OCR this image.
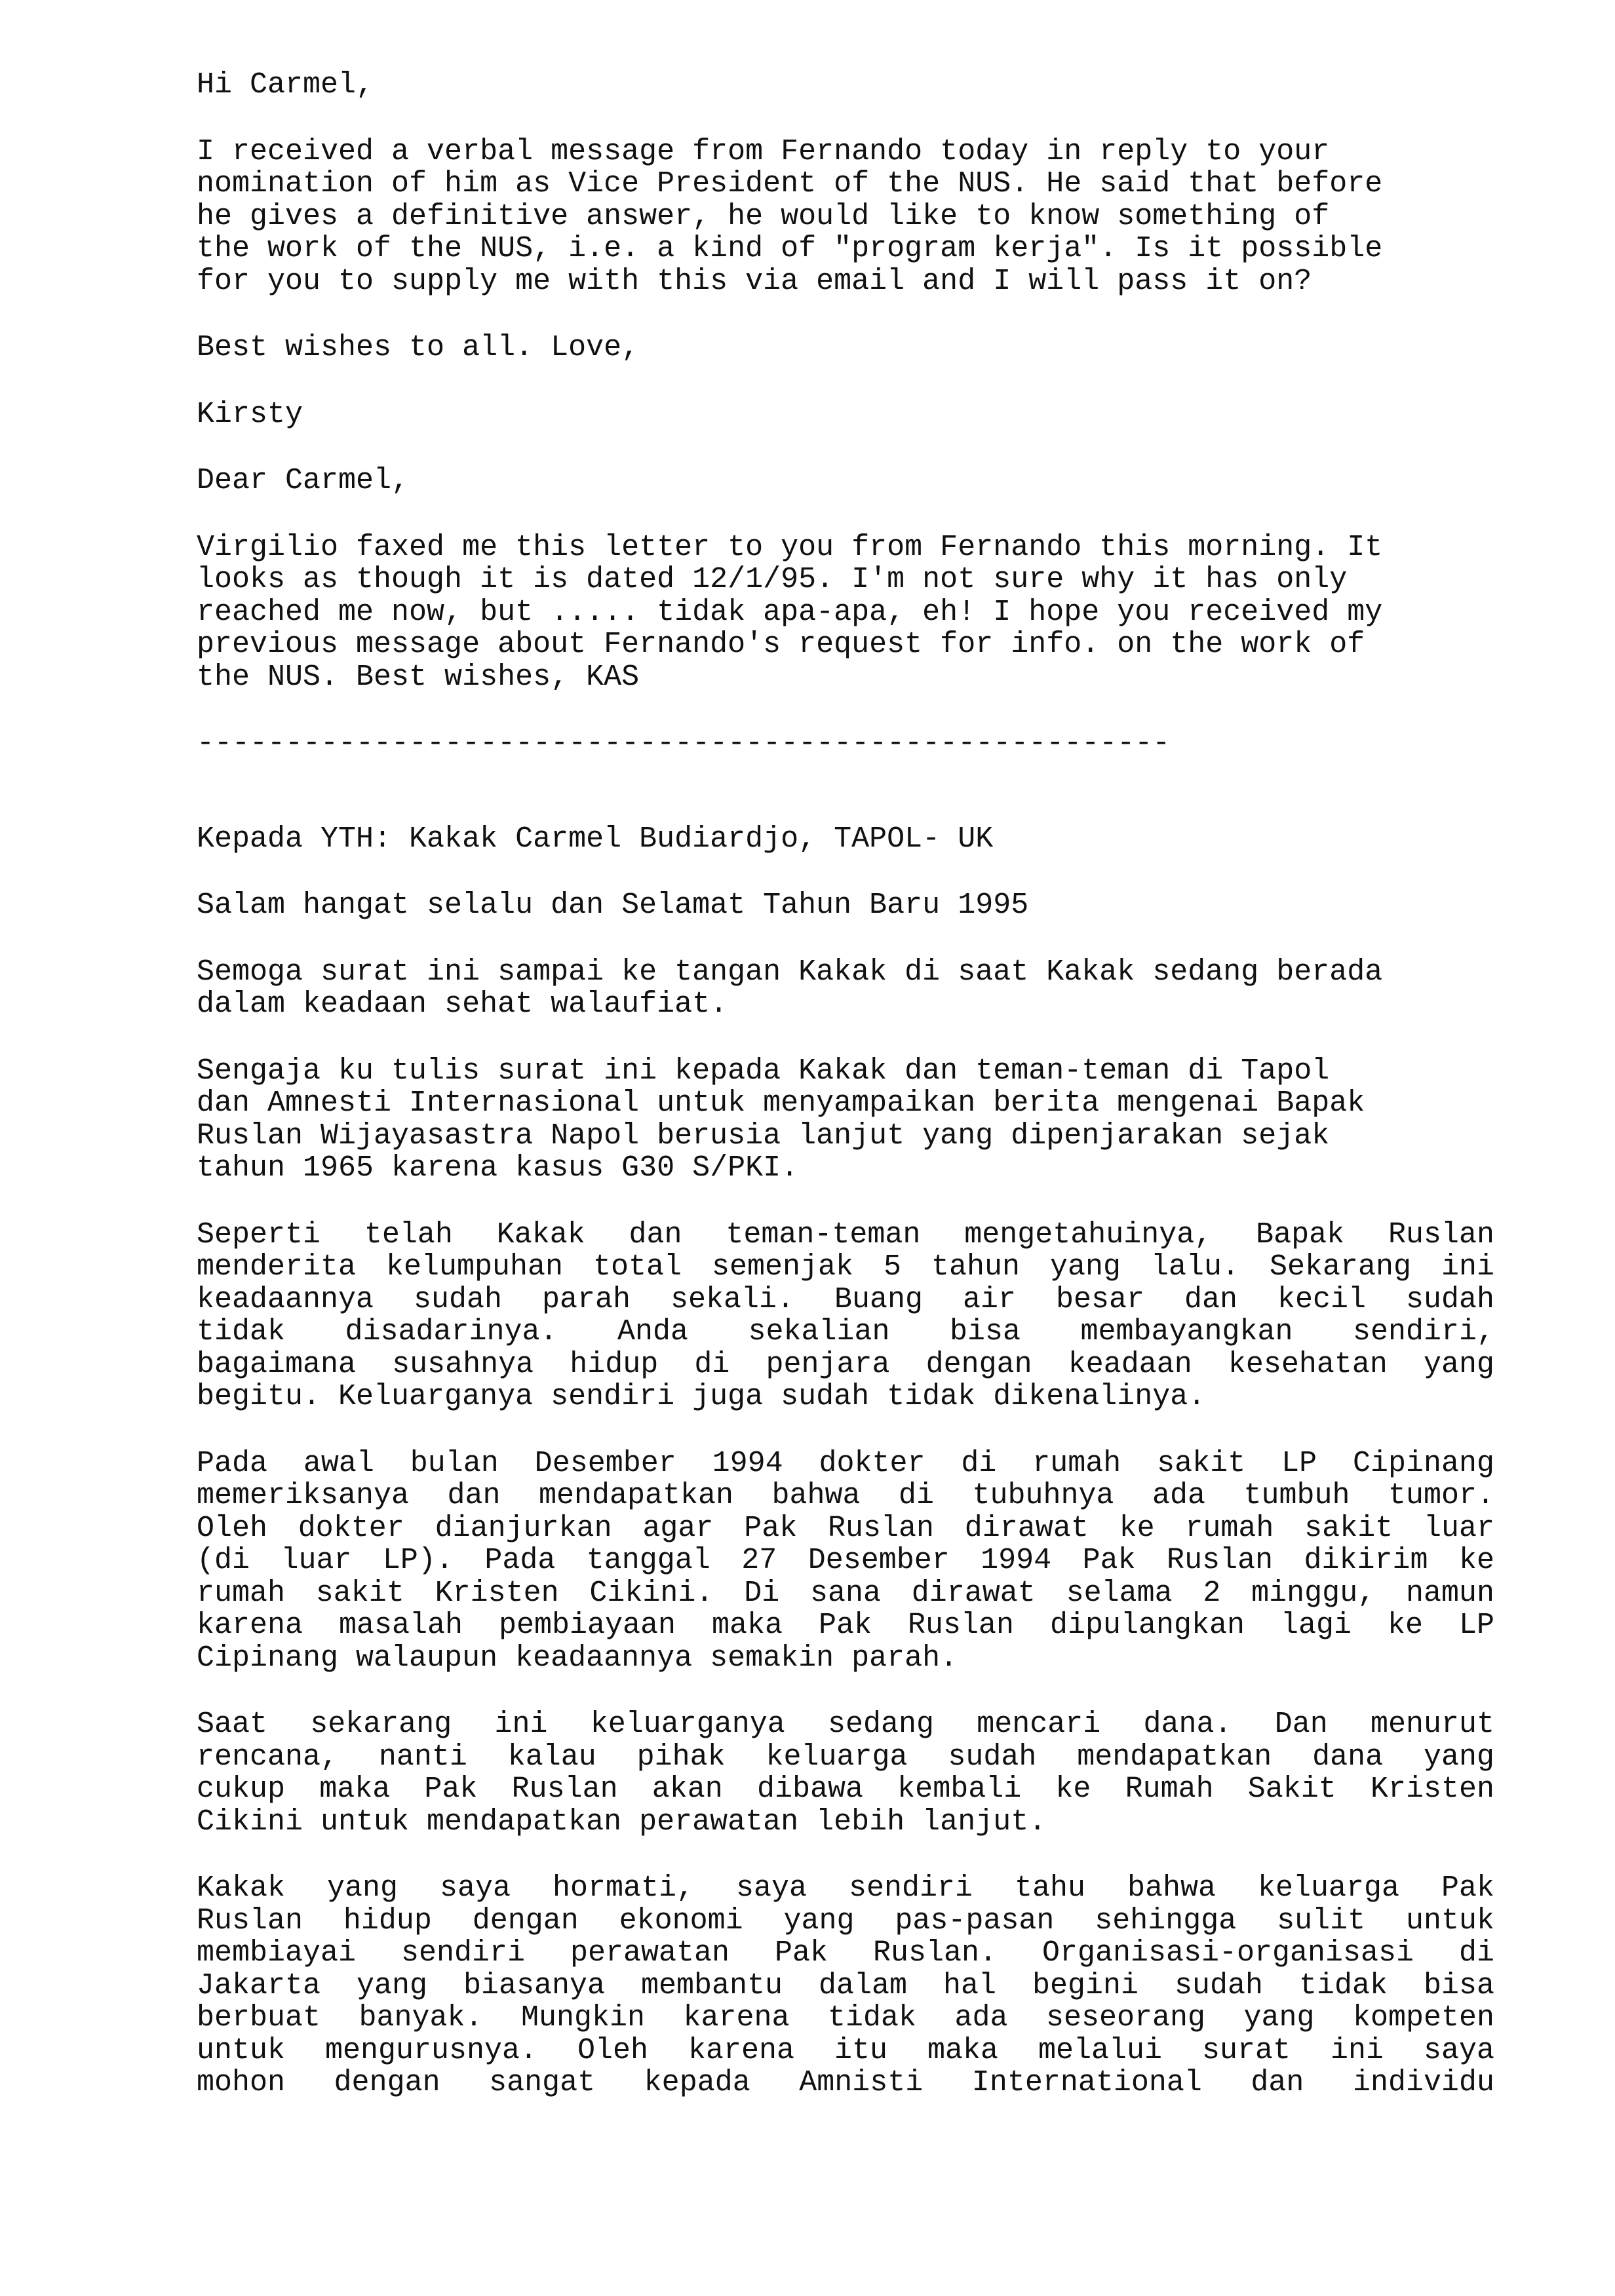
Hi Carmel,
I received a verbal message from Fernando today in reply to your
nomination of him as Vice President of the NUS. He said that before
he gives a definitive answer, he would like to know something of
the work of the NUS, i.e. a kind of "program kerja". Is it possible
for you to supply me with this via email and I will pass it on?
Best wishes to all. Love,
Kirsty
Dear Carmel,
Virgilio faxed me this letter to you from Fernando this morning. It
looks as though it is dated 12/1/95. I'm not sure why it has only
reached me now, but ..... tidak apa-apa, eh! I hope you received my
previous message about Fernando's request for info. on the work of
the NUS. Best wishes, KAS
-------------------------------------------------------
Kepada YTH: Kakak Carmel Budiardjo, TAPOL- UK
Salam hangat selalu dan Selamat Tahun Baru 1995
Semoga surat ini sampai ke tangan Kakak di saat Kakak sedang berada
dalam keadaan sehat walaufiat.
Sengaja ku tulis surat ini kepada Kakak dan teman-teman di Tapol
dan Amnesti Internasional untuk menyampaikan berita mengenai Bapak
Ruslan Wijayasastra Napol berusia lanjut yang dipenjarakan sejak
tahun 1965 karena kasus G30 S/PKI.
Seperti telah Kakak dan teman-teman mengetahuinya, Bapak Ruslan
menderita kelumpuhan total semenjak 5 tahun yang lalu. Sekarang ini
keadaannya sudah parah sekali. Buang air besar dan kecil sudah
tidak disadarinya. Anda sekalian bisa membayangkan sendiri,
bagaimana susahnya hidup di penjara dengan keadaan kesehatan yang
begitu. Keluarganya sendiri juga sudah tidak dikenalinya.
Pada awal bulan Desember 1994 dokter di rumah sakit LP Cipinang
memeriksanya dan mendapatkan bahwa di tubuhnya ada tumbuh tumor.
Oleh dokter dianjurkan agar Pak Ruslan dirawat ke rumah sakit luar
(di luar LP). Pada tanggal 27 Desember 1994 Pak Ruslan dikirim ke
rumah sakit Kristen Cikini. Di sana dirawat selama 2 minggu, namun
karena masalah pembiayaan maka Pak Ruslan dipulangkan lagi ke LP
Cipinang walaupun keadaannya semakin parah.
Saat sekarang ini keluarganya sedang mencari dana. Dan menurut
rencana, nanti kalau pihak keluarga sudah mendapatkan dana yang
cukup maka Pak Ruslan akan dibawa kembali ke Rumah Sakit Kristen
Cikini untuk mendapatkan perawatan lebih lanjut.
Kakak yang saya hormati, saya sendiri tahu bahwa keluarga Pak
Ruslan hidup dengan ekonomi yang pas-pasan sehingga sulit untuk
membiayai sendiri perawatan Pak Ruslan. Organisasi-organisasi di
Jakarta yang biasanya membantu dalam hal begini sudah tidak bisa
berbuat banyak. Mungkin karena tidak ada seseorang yang kompeten
untuk mengurusnya. Oleh karena itu maka melalui surat ini saya
mohon dengan sangat kepada Amnisti International dan individu
